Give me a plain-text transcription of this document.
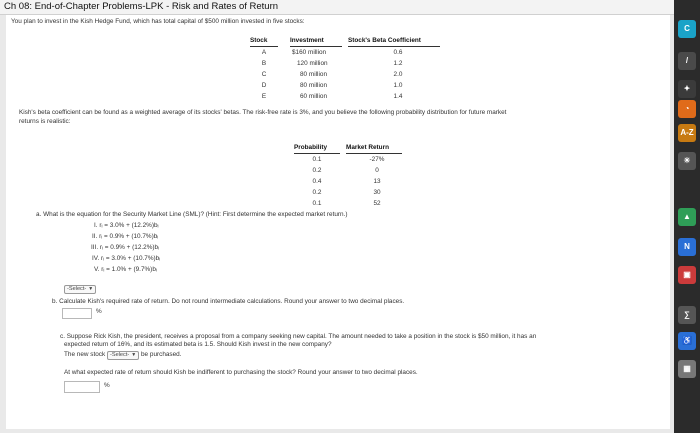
Ch 08: End-of-Chapter Problems-LPK - Risk and Rates of Return
You plan to invest in the Kish Hedge Fund, which has total capital of $500 million invested in five stocks:
Stock	Investment	Stock's Beta Coefficient
A	$160 million	0.6
B	120 million	1.2
C	80 million	2.0
D	80 million	1.0
E	60 million	1.4
Kish's beta coefficient can be found as a weighted average of its stocks' betas. The risk-free rate is 3%, and you believe the following probability distribution for future market
returns is realistic:
Probability	Market Return
0.1	-27%
0.2	0
0.4	13
0.2	30
0.1	52
a. What is the equation for the Security Market Line (SML)? (Hint: First determine the expected market return.)
I. rᵢ = 3.0% + (12.2%)bᵢ
II. rᵢ = 0.9% + (10.7%)bᵢ
III. rᵢ = 0.9% + (12.2%)bᵢ
IV. rᵢ = 3.0% + (10.7%)bᵢ
V. rᵢ = 1.0% + (9.7%)bᵢ
-Select- ▼
b. Calculate Kish's required rate of return. Do not round intermediate calculations. Round your answer to two decimal places.
%
c. Suppose Rick Kish, the president, receives a proposal from a company seeking new capital. The amount needed to take a position in the stock is $50 million, it has an
expected return of 16%, and its estimated beta is 1.5. Should Kish invest in the new company?
The new stock -Select- ▼ be purchased.
At what expected rate of return should Kish be indifferent to purchasing the stock? Round your answer to two decimal places.
%
C
/
✦
◔
A-Z
☀
▲
N
▣
∑
♿
▦
